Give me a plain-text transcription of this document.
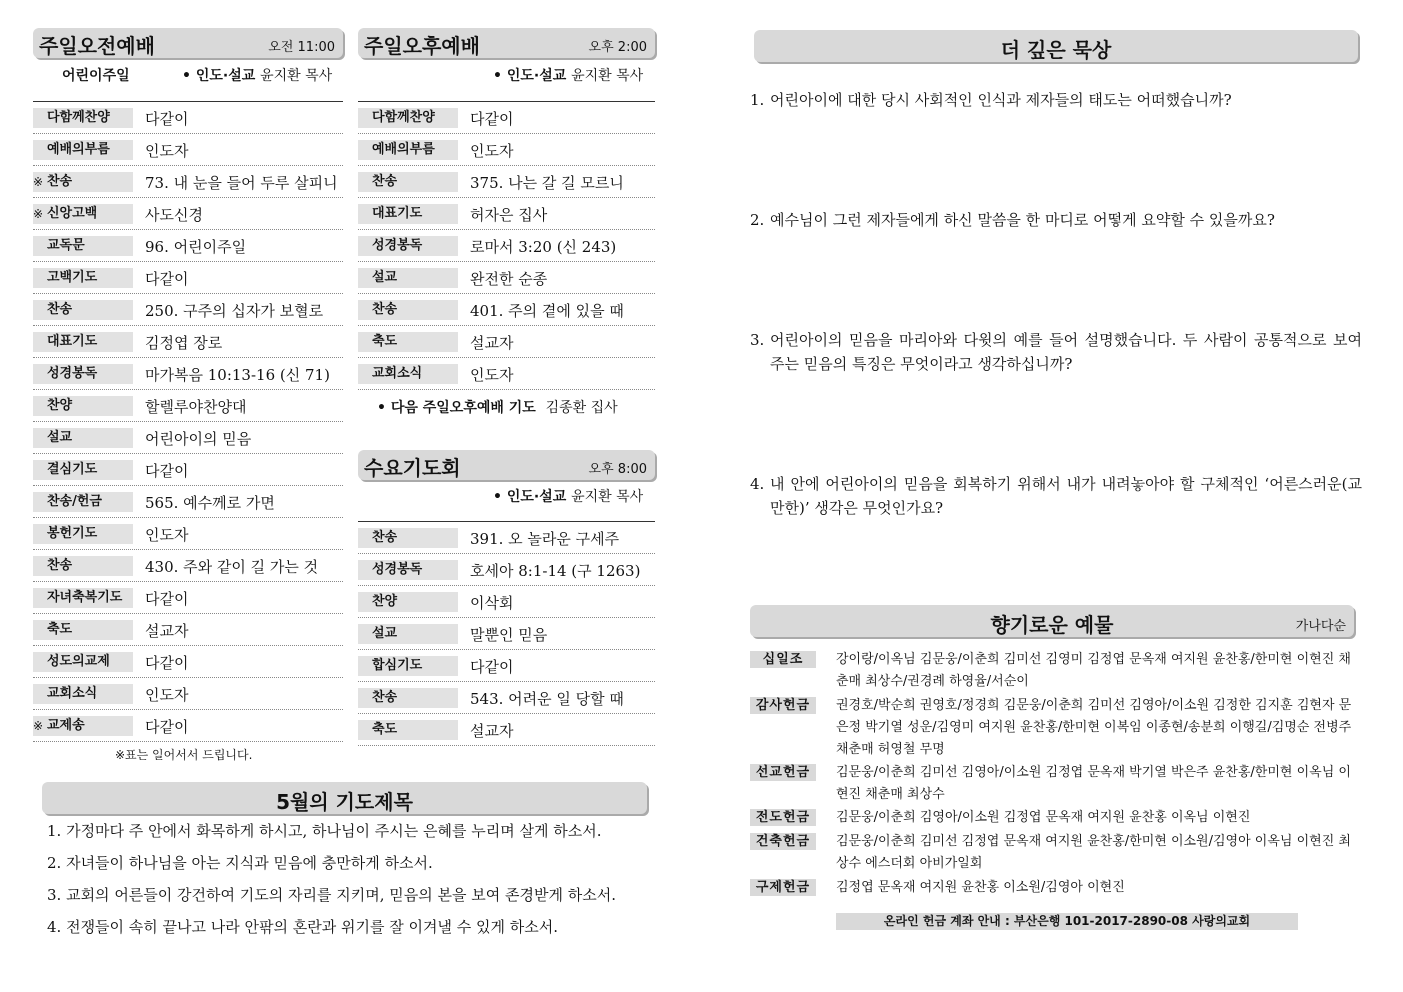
주일오전예배	오전 11:00
어린이주일	• 인도·설교 윤지환 목사
다함께찬양	다같이
예배의부름	인도자
※ 찬송	73. 내 눈을 들어 두루 살피니
※ 신앙고백	사도신경
교독문	96. 어린이주일
고백기도	다같이
찬송	250. 구주의 십자가 보혈로
대표기도	김정엽 장로
성경봉독	마가복음 10:13-16 (신 71)
찬양	할렐루야찬양대
설교	어린아이의 믿음
결심기도	다같이
찬송/헌금	565. 예수께로 가면
봉헌기도	인도자
찬송	430. 주와 같이 길 가는 것
자녀축복기도	다같이
축도	설교자
성도의교제	다같이
교회소식	인도자
※ 교제송	다같이
※표는 일어서서 드립니다.
주일오후예배	오후 2:00
• 인도·설교 윤지환 목사
다함께찬양	다같이
예배의부름	인도자
찬송	375. 나는 갈 길 모르니
대표기도	허자은 집사
성경봉독	로마서 3:20 (신 243)
설교	완전한 순종
찬송	401. 주의 곁에 있을 때
축도	설교자
교회소식	인도자
• 다음 주일오후예배 기도 김종환 집사
수요기도회	오후 8:00
• 인도·설교 윤지환 목사
찬송	391. 오 놀라운 구세주
성경봉독	호세아 8:1-14 (구 1263)
찬양	이삭회
설교	말뿐인 믿음
합심기도	다같이
찬송	543. 어려운 일 당할 때
축도	설교자
5월의 기도제목
1. 가정마다 주 안에서 화목하게 하시고, 하나님이 주시는 은혜를 누리며 살게 하소서.
2. 자녀들이 하나님을 아는 지식과 믿음에 충만하게 하소서.
3. 교회의 어른들이 강건하여 기도의 자리를 지키며, 믿음의 본을 보여 존경받게 하소서.
4. 전쟁들이 속히 끝나고 나라 안팎의 혼란과 위기를 잘 이겨낼 수 있게 하소서.
더 깊은 묵상
1. 어린아이에 대한 당시 사회적인 인식과 제자들의 태도는 어떠했습니까?
2. 예수님이 그런 제자들에게 하신 말씀을 한 마디로 어떻게 요약할 수 있을까요?
3. 어린아이의 믿음을 마리아와 다윗의 예를 들어 설명했습니다. 두 사람이 공통적으로 보여 주는 믿음의 특징은 무엇이라고 생각하십니까?
4. 내 안에 어린아이의 믿음을 회복하기 위해서 내가 내려놓아야 할 구체적인 ‘어른스러운(교만한)’ 생각은 무엇인가요?
향기로운 예물	가나다순
십일조	강이랑/이옥님 김문웅/이춘희 김미선 김영미 김정엽 문옥재 여지원 윤찬홍/한미현 이현진 채춘매 최상수/권경례 하영율/서순이
감사헌금	권경호/박순희 권영호/정경희 김문웅/이춘희 김미선 김영아/이소원 김정한 김지훈 김현자 문은정 박기열 성운/김영미 여지원 윤찬홍/한미현 이복임 이종현/송분희 이행길/김명순 전병주 채춘매 허영철 무명
선교헌금	김문웅/이춘희 김미선 김영아/이소원 김정엽 문옥재 박기열 박은주 윤찬홍/한미현 이옥님 이현진 채춘매 최상수
전도헌금	김문웅/이춘희 김영아/이소원 김정엽 문옥재 여지원 윤찬홍 이옥님 이현진
건축헌금	김문웅/이춘희 김미선 김정엽 문옥재 여지원 윤찬홍/한미현 이소원/김영아 이옥님 이현진 최상수 에스더회 아비가일회
구제헌금	김정엽 문옥재 여지원 윤찬홍 이소원/김영아 이현진
온라인 헌금 계좌 안내 : 부산은행 101-2017-2890-08 사랑의교회
